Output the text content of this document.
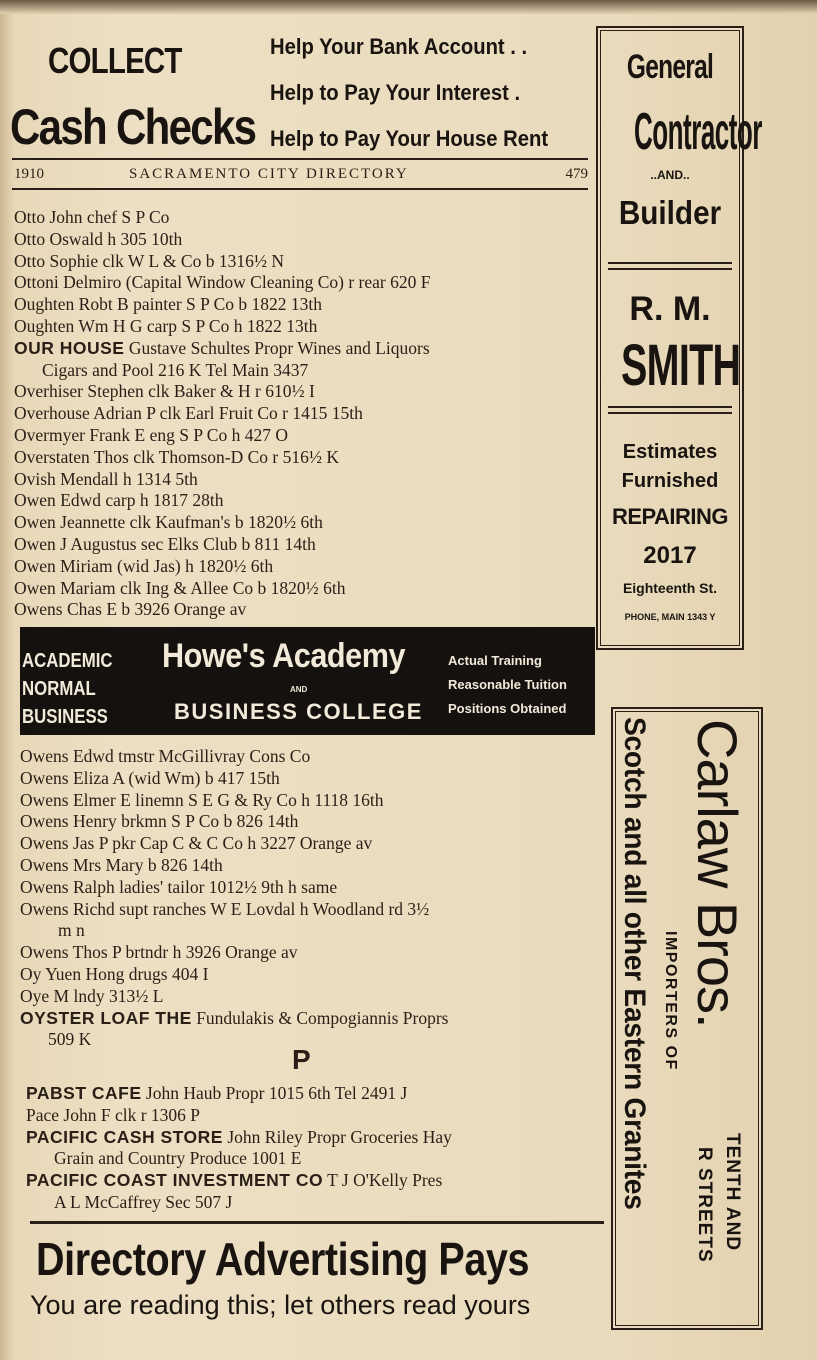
COLLECT
Cash Checks
Help Your Bank Account . .
Help to Pay Your Interest .
Help to Pay Your House Rent
1910	SACRAMENTO CITY DIRECTORY	479
Otto John chef S P Co
Otto Oswald h 305 10th
Otto Sophie clk W L & Co b 1316½ N
Ottoni Delmiro (Capital Window Cleaning Co) r rear 620 F
Oughten Robt B painter S P Co b 1822 13th
Oughten Wm H G carp S P Co h 1822 13th
OUR HOUSE Gustave Schultes Propr Wines and Liquors
Cigars and Pool 216 K Tel Main 3437
Overhiser Stephen clk Baker & H r 610½ I
Overhouse Adrian P clk Earl Fruit Co r 1415 15th
Overmyer Frank E eng S P Co h 427 O
Overstaten Thos clk Thomson-D Co r 516½ K
Ovish Mendall h 1314 5th
Owen Edwd carp h 1817 28th
Owen Jeannette clk Kaufman's b 1820½ 6th
Owen J Augustus sec Elks Club b 811 14th
Owen Miriam (wid Jas) h 1820½ 6th
Owen Mariam clk Ing & Allee Co b 1820½ 6th
Owens Chas E b 3926 Orange av
ACADEMIC
NORMAL
BUSINESS
Howe's Academy
AND
BUSINESS COLLEGE
Actual Training
Reasonable Tuition
Positions Obtained
Owens Edwd tmstr McGillivray Cons Co
Owens Eliza A (wid Wm) b 417 15th
Owens Elmer E linemn S E G & Ry Co h 1118 16th
Owens Henry brkmn S P Co b 826 14th
Owens Jas P pkr Cap C & C Co h 3227 Orange av
Owens Mrs Mary b 826 14th
Owens Ralph ladies' tailor 1012½ 9th h same
Owens Richd supt ranches W E Lovdal h Woodland rd 3½
m n
Owens Thos P brtndr h 3926 Orange av
Oy Yuen Hong drugs 404 I
Oye M lndy 313½ L
OYSTER LOAF THE Fundulakis & Compogiannis Proprs
509 K
P
PABST CAFE John Haub Propr 1015 6th Tel 2491 J
Pace John F clk r 1306 P
PACIFIC CASH STORE John Riley Propr Groceries Hay
Grain and Country Produce 1001 E
PACIFIC COAST INVESTMENT CO T J O'Kelly Pres
A L McCaffrey Sec 507 J
Directory Advertising Pays
You are reading this; let others read yours
General
Contractor
..AND..
Builder
R. M.
SMITH
Estimates
Furnished
REPAIRING
2017
Eighteenth St.
PHONE, MAIN 1343 Y
Carlaw Bros.
Scotch and all other Eastern Granites IMPORTERS OF
TENTH AND
R STREETS
